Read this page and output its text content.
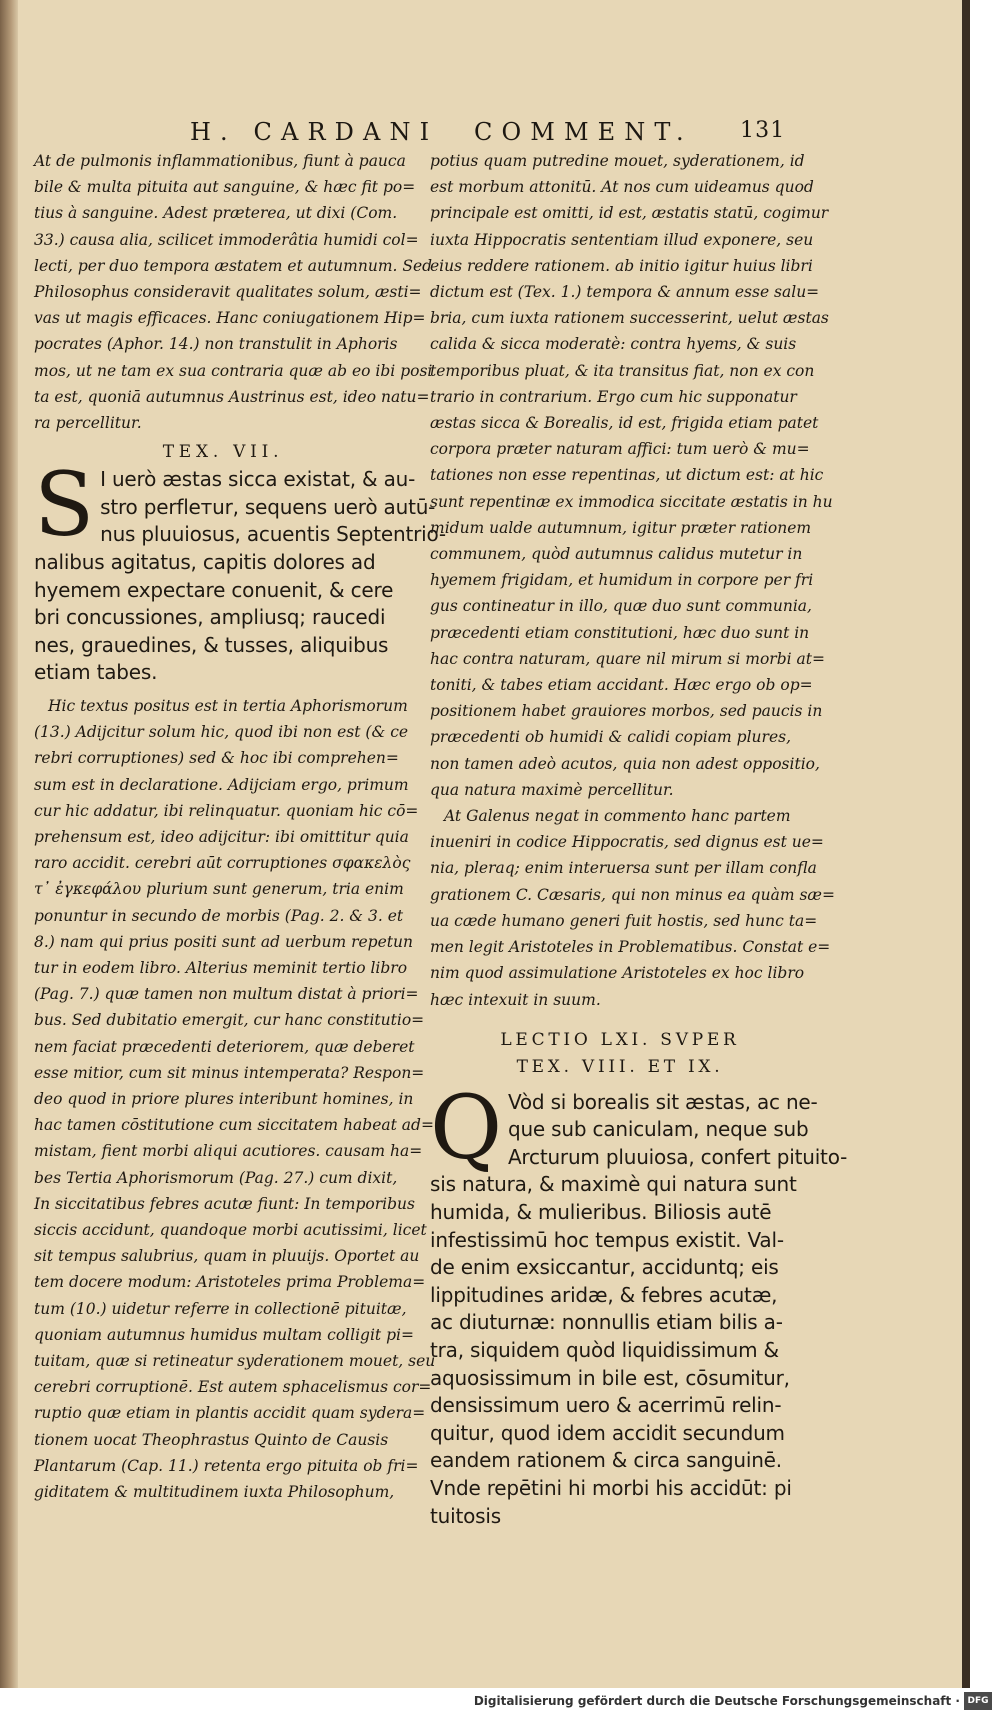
H. CARDANI COMMENT. 131
At de pulmonis inflammationibus, fiunt à pauca
bile & multa pituita aut sanguine, & hæc fit po=
tius à sanguine. Adest præterea, ut dixi (Com.
33.) causa alia, scilicet immoderâtia humidi col=
lecti, per duo tempora æstatem et autumnum. Sed
Philosophus consideravit qualitates solum, æsti=
vas ut magis efficaces. Hanc coniugationem Hip=
pocrates (Aphor. 14.) non transtulit in Aphoris
mos, ut ne tam ex sua contraria quæ ab eo ibi posi
ta est, quoniā autumnus Austrinus est, ideo natu=
ra percellitur.
TEX. VII.
S I uerò æstas sicca existat, & au-
stro perflетur, sequens uerò autū-
nus pluuiosus, acuentis Septentrio-
nalibus agitatus, capitis dolores ad
hyemem expectare conuenit, & cere
bri concussiones, ampliusq; raucedi
nes, grauedines, & tusses, aliquibus
etiam tabes.
Hic textus positus est in tertia Aphorismorum
(13.) Adijcitur solum hic, quod ibi non est (& ce
rebri corruptiones) sed & hoc ibi comprehen=
sum est in declaratione. Adijciam ergo, primum
cur hic addatur, ibi relinquatur. quoniam hic cō=
prehensum est, ideo adijcitur: ibi omittitur quia
raro accidit. cerebri aūt corruptiones σφακελὸς
τ᾽ ἐγκεφάλου plurium sunt generum, tria enim
ponuntur in secundo de morbis (Pag. 2. & 3. et
8.) nam qui prius positi sunt ad uerbum repetun
tur in eodem libro. Alterius meminit tertio libro
(Pag. 7.) quæ tamen non multum distat à priori=
bus. Sed dubitatio emergit, cur hanc constitutio=
nem faciat præcedenti deteriorem, quæ deberet
esse mitior, cum sit minus intemperata? Respon=
deo quod in priore plures interibunt homines, in
hac tamen cōstitutione cum siccitatem habeat ad=
mistam, fient morbi aliqui acutiores. causam ha=
bes Tertia Aphorismorum (Pag. 27.) cum dixit,
In siccitatibus febres acutæ fiunt: In temporibus
siccis accidunt, quandoque morbi acutissimi, licet
sit tempus salubrius, quam in pluuijs. Oportet au
tem docere modum: Aristoteles prima Problema=
tum (10.) uidetur referre in collectionē pituitæ,
quoniam autumnus humidus multam colligit pi=
tuitam, quæ si retineatur syderationem mouet, seu
cerebri corruptionē. Est autem sphacelismus cor=
ruptio quæ etiam in plantis accidit quam sydera=
tionem uocat Theophrastus Quinto de Causis
Plantarum (Cap. 11.) retenta ergo pituita ob fri=
giditatem & multitudinem iuxta Philosophum,
potius quam putredine mouet, syderationem, id
est morbum attonitū. At nos cum uideamus quod
principale est omitti, id est, æstatis statū, cogimur
iuxta Hippocratis sententiam illud exponere, seu
eius reddere rationem. ab initio igitur huius libri
dictum est (Tex. 1.) tempora & annum esse salu=
bria, cum iuxta rationem successerint, uelut æstas
calida & sicca moderatè: contra hyems, & suis
temporibus pluat, & ita transitus fiat, non ex con
trario in contrarium. Ergo cum hic supponatur
æstas sicca & Borealis, id est, frigida etiam patet
corpora præter naturam affici: tum uerò & mu=
tationes non esse repentinas, ut dictum est: at hic
sunt repentinæ ex immodica siccitate æstatis in hu
midum ualde autumnum, igitur præter rationem
communem, quòd autumnus calidus mutetur in
hyemem frigidam, et humidum in corpore per fri
gus contineatur in illo, quæ duo sunt communia,
præcedenti etiam constitutioni, hæc duo sunt in
hac contra naturam, quare nil mirum si morbi at=
toniti, & tabes etiam accidant. Hæc ergo ob op=
positionem habet grauiores morbos, sed paucis in
præcedenti ob humidi & calidi copiam plures,
non tamen adeò acutos, quia non adest oppositio,
qua natura maximè percellitur.
At Galenus negat in commento hanc partem
inueniri in codice Hippocratis, sed dignus est ue=
nia, pleraq; enim interuersa sunt per illam confla
grationem C. Cæsaris, qui non minus ea quàm sæ=
ua cæde humano generi fuit hostis, sed hunc ta=
men legit Aristoteles in Problematibus. Constat e=
nim quod assimulatione Aristoteles ex hoc libro
hæc intexuit in suum.
LECTIO LXI. SVPER
TEX. VIII. ET IX.
Q Vòd si borealis sit æstas, ac ne-
que sub caniculam, neque sub
Arcturum pluuiosa, confert pituito-
sis natura, & maximè qui natura sunt
humida, & mulieribus. Biliosis autē
infestissimū hoc tempus existit. Val-
de enim exsiccantur, acciduntq; eis
lippitudines aridæ, & febres acutæ,
ac diuturnæ: nonnullis etiam bilis a-
tra, siquidem quòd liquidissimum &
aquosissimum in bile est, cōsumitur,
densissimum uero & acerrimū relin-
quitur, quod idem accidit secundum
eandem rationem & circa sanguinē.
Vnde repētini hi morbi his accidūt: pi
tuitosis
Digitalisierung gefördert durch die Deutsche Forschungsgemeinschaft · DFG
